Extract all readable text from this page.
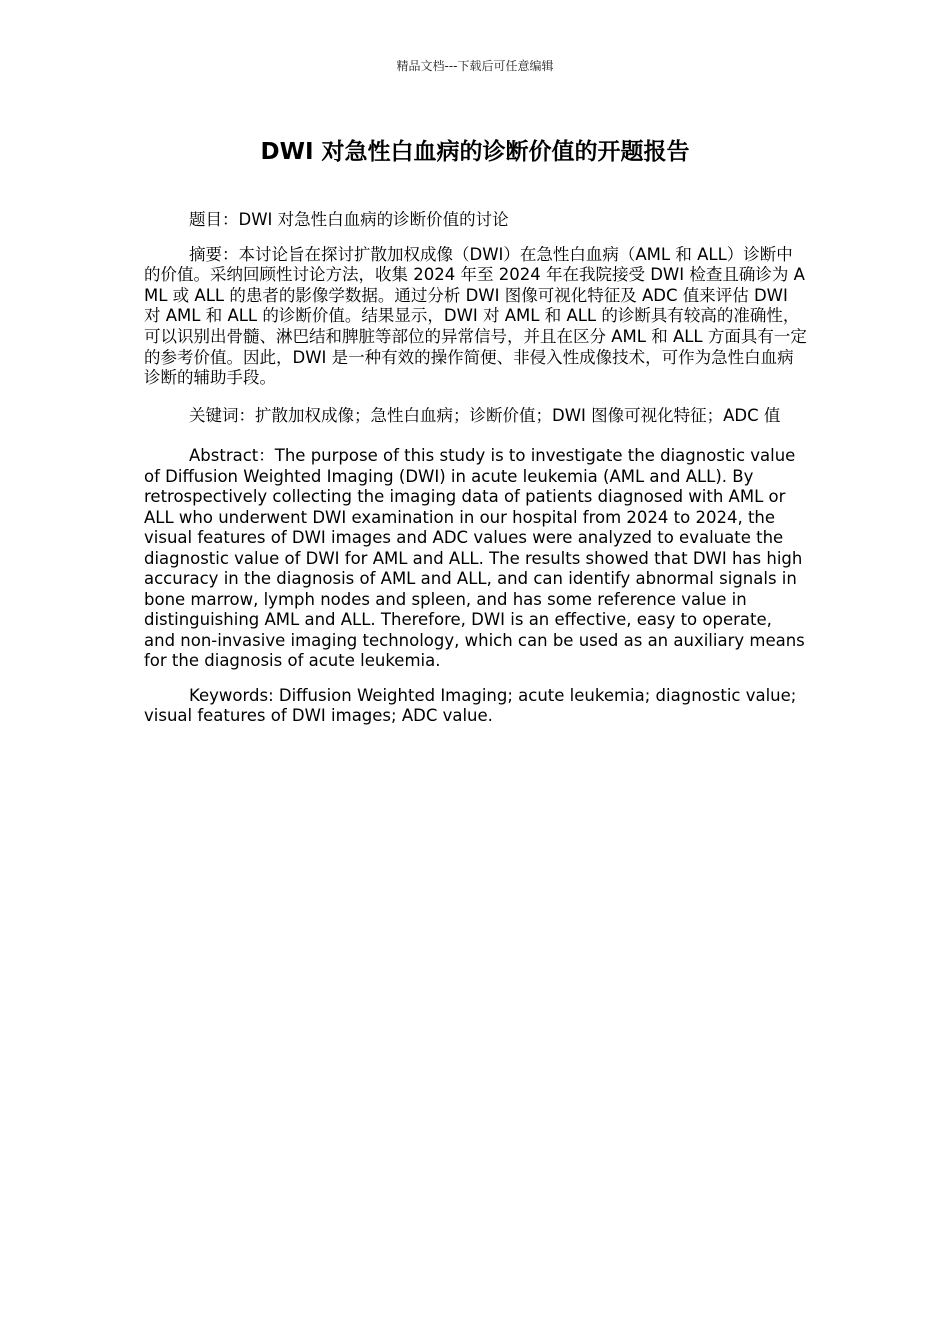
精品文档---下载后可任意编辑
DWI 对急性白血病的诊断价值的开题报告

题目：DWI 对急性白血病的诊断价值的讨论

摘要：本讨论旨在探讨扩散加权成像（DWI）在急性白血病（AML 和 ALL）诊断中的价值。采纳回顾性讨论方法，收集 2024 年至 2024 年在我院接受 DWI 检查且确诊为 AML 或 ALL 的患者的影像学数据。通过分析 DWI 图像可视化特征及 ADC 值来评估 DWI 对 AML 和 ALL 的诊断价值。结果显示，DWI 对 AML 和 ALL 的诊断具有较高的准确性，可以识别出骨髓、淋巴结和脾脏等部位的异常信号，并且在区分 AML 和 ALL 方面具有一定的参考价值。因此，DWI 是一种有效的操作简便、非侵入性成像技术，可作为急性白血病诊断的辅助手段。

关键词：扩散加权成像；急性白血病；诊断价值；DWI 图像可视化特征；ADC 值

Abstract：The purpose of this study is to investigate the diagnostic value of Diffusion Weighted Imaging (DWI) in acute leukemia (AML and ALL). By retrospectively collecting the imaging data of patients diagnosed with AML or ALL who underwent DWI examination in our hospital from 2024 to 2024, the visual features of DWI images and ADC values were analyzed to evaluate the diagnostic value of DWI for AML and ALL. The results showed that DWI has high accuracy in the diagnosis of AML and ALL, and can identify abnormal signals in bone marrow, lymph nodes and spleen, and has some reference value in distinguishing AML and ALL. Therefore, DWI is an effective, easy to operate, and non-invasive imaging technology, which can be used as an auxiliary means for the diagnosis of acute leukemia.

Keywords: Diffusion Weighted Imaging; acute leukemia; diagnostic value; visual features of DWI images; ADC value.
